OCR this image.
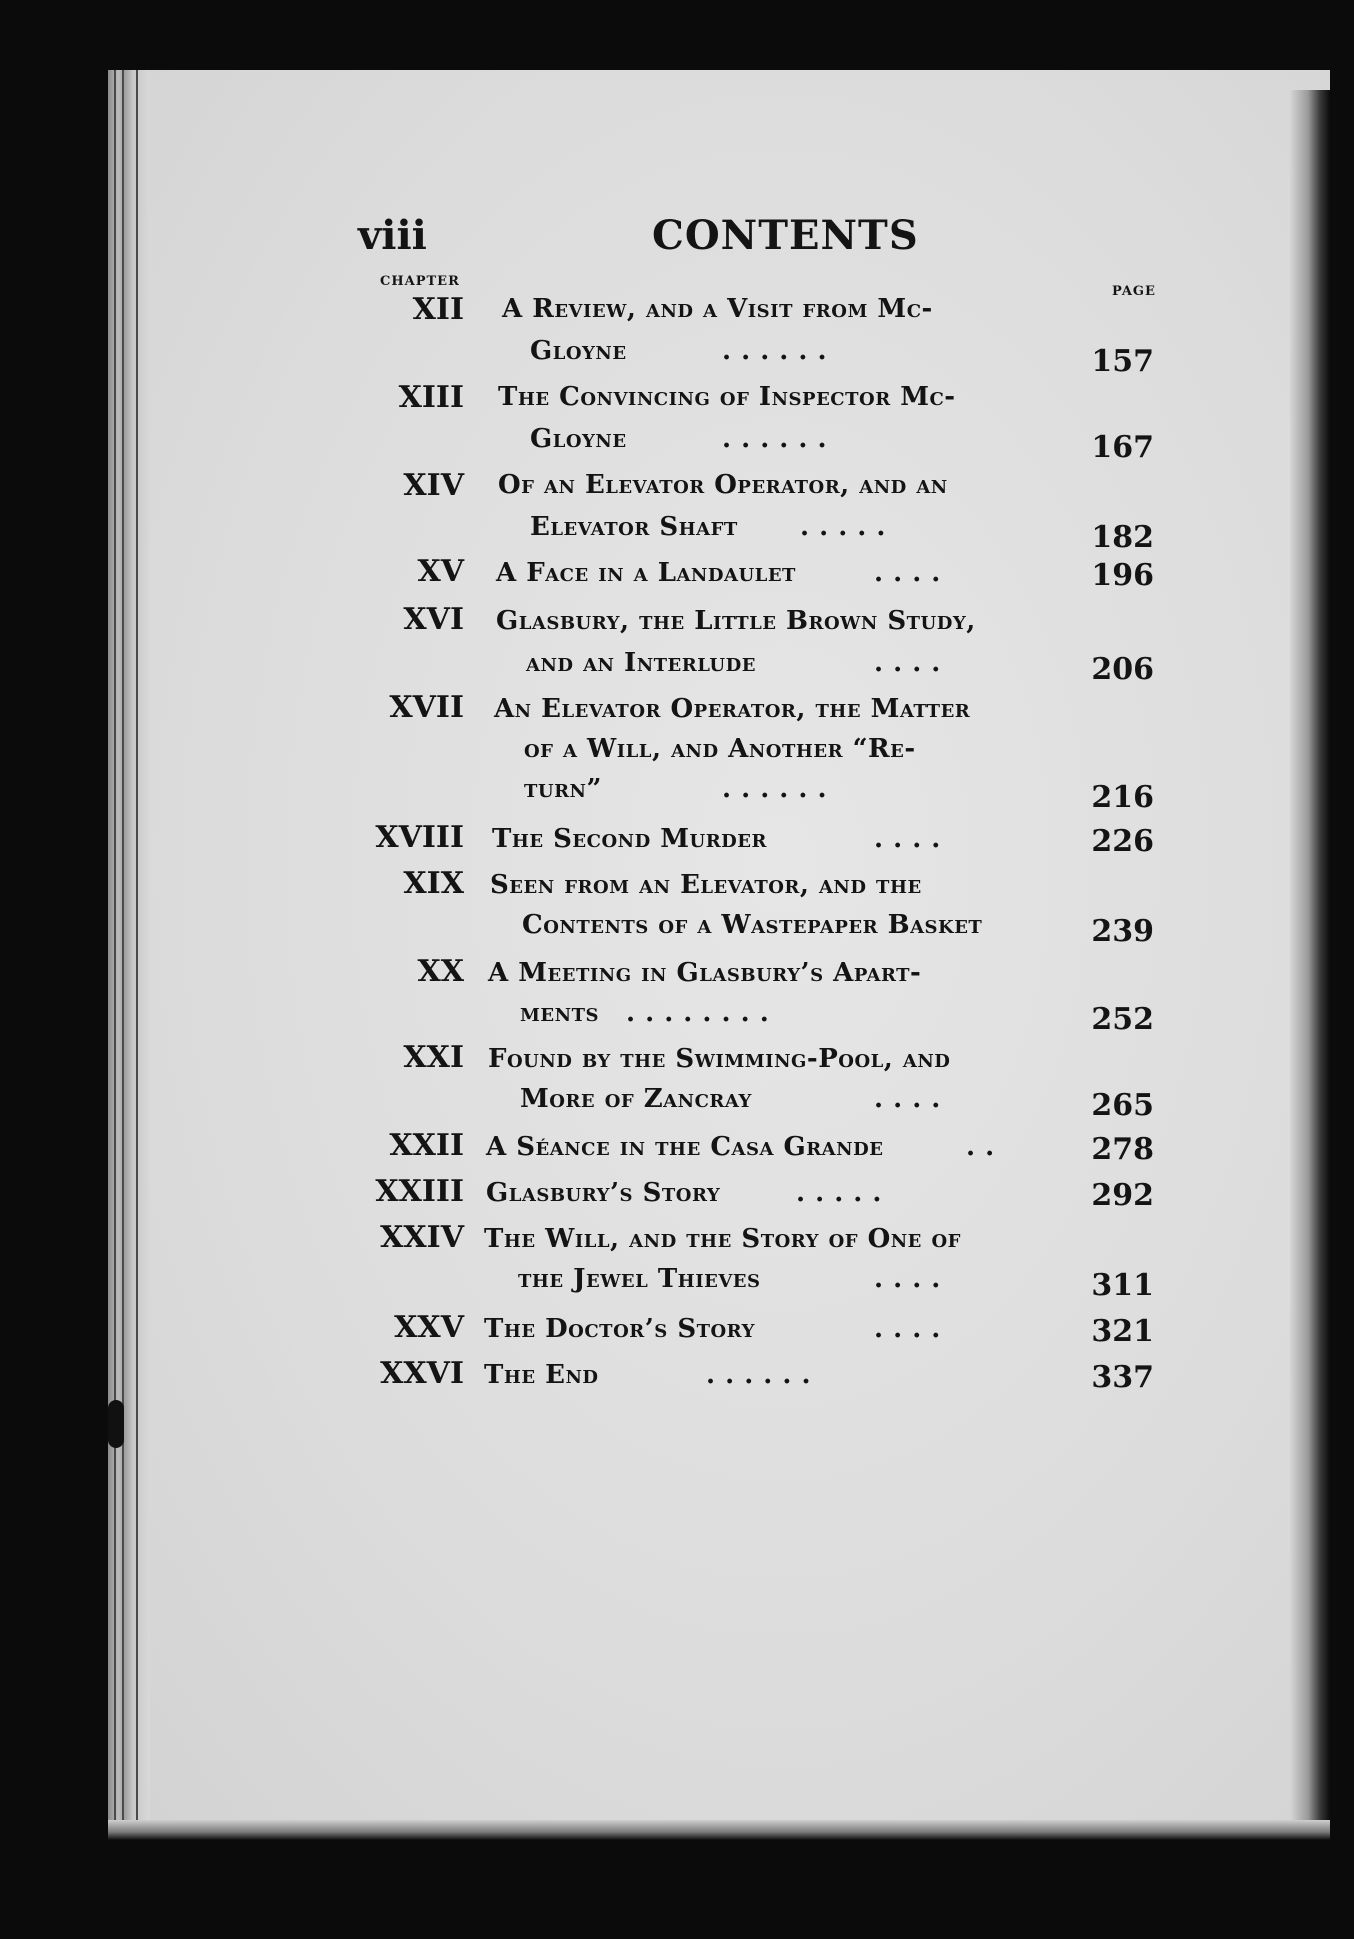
viii	CONTENTS
CHAPTER
PAGE
XII A Review, and a Visit from Mc-
Gloyne	. . . . . .	157
XIII The Convincing of Inspector Mc-
Gloyne	. . . . . .	167
XIV Of an Elevator Operator, and an
Elevator Shaft . . . . .	182
XV A Face in a Landaulet	. . . .	196
XVI Glasbury, the Little Brown Study,
and an Interlude	. . . .	206
XVII An Elevator Operator, the Matter
of a Will, and Another “Re-
turn”	. . . . . .	216
XVIII The Second Murder	. . . .	226
XIX Seen from an Elevator, and the
Contents of a Wastepaper Basket	239
XX A Meeting in Glasbury’s Apart-
ments . . . . . . . .	252
XXI Found by the Swimming-Pool, and
More of Zancray	. . . .	265
XXII A Séance in the Casa Grande	. .	278
XXIII Glasbury’s Story	. . . . .	292
XXIV The Will, and the Story of One of
the Jewel Thieves	. . . .	311
XXV The Doctor’s Story	. . . .	321
XXVI The End	. . . . . .	337
